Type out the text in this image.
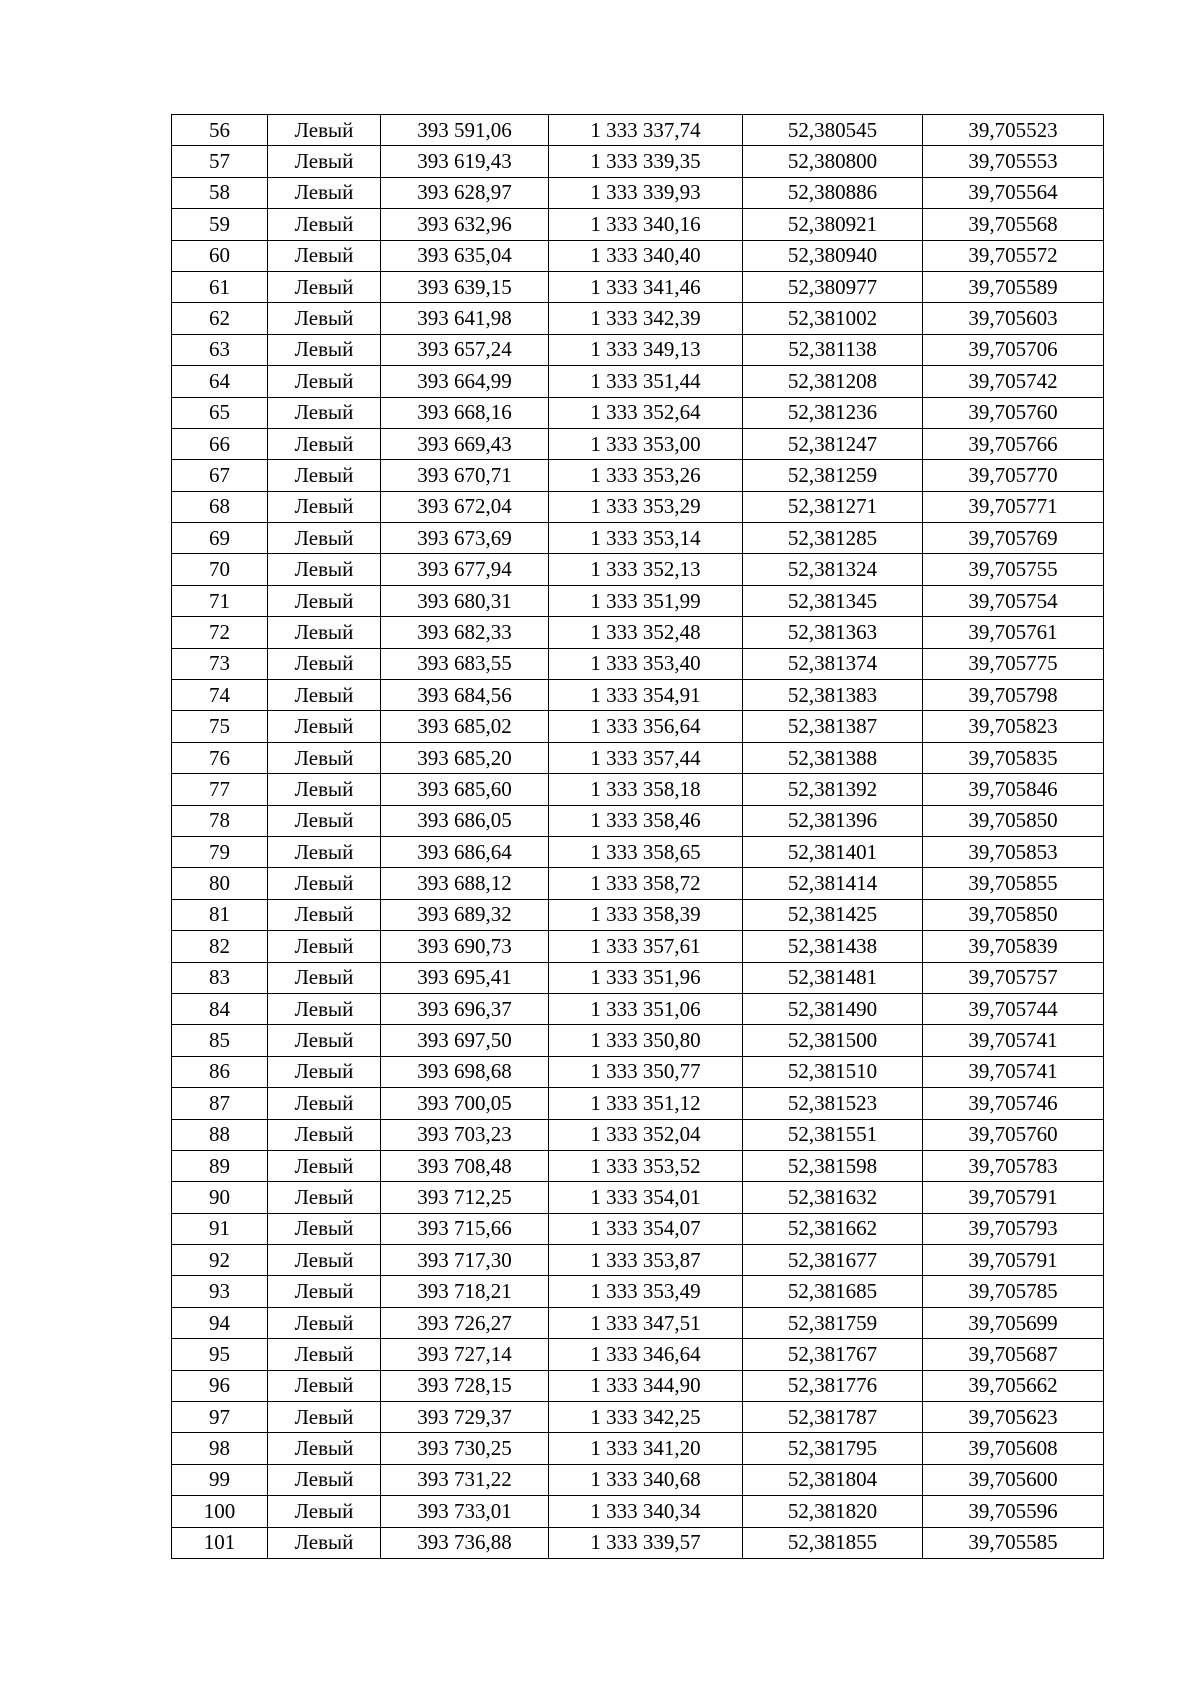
56	Левый	393 591,06	1 333 337,74	52,380545	39,705523
57	Левый	393 619,43	1 333 339,35	52,380800	39,705553
58	Левый	393 628,97	1 333 339,93	52,380886	39,705564
59	Левый	393 632,96	1 333 340,16	52,380921	39,705568
60	Левый	393 635,04	1 333 340,40	52,380940	39,705572
61	Левый	393 639,15	1 333 341,46	52,380977	39,705589
62	Левый	393 641,98	1 333 342,39	52,381002	39,705603
63	Левый	393 657,24	1 333 349,13	52,381138	39,705706
64	Левый	393 664,99	1 333 351,44	52,381208	39,705742
65	Левый	393 668,16	1 333 352,64	52,381236	39,705760
66	Левый	393 669,43	1 333 353,00	52,381247	39,705766
67	Левый	393 670,71	1 333 353,26	52,381259	39,705770
68	Левый	393 672,04	1 333 353,29	52,381271	39,705771
69	Левый	393 673,69	1 333 353,14	52,381285	39,705769
70	Левый	393 677,94	1 333 352,13	52,381324	39,705755
71	Левый	393 680,31	1 333 351,99	52,381345	39,705754
72	Левый	393 682,33	1 333 352,48	52,381363	39,705761
73	Левый	393 683,55	1 333 353,40	52,381374	39,705775
74	Левый	393 684,56	1 333 354,91	52,381383	39,705798
75	Левый	393 685,02	1 333 356,64	52,381387	39,705823
76	Левый	393 685,20	1 333 357,44	52,381388	39,705835
77	Левый	393 685,60	1 333 358,18	52,381392	39,705846
78	Левый	393 686,05	1 333 358,46	52,381396	39,705850
79	Левый	393 686,64	1 333 358,65	52,381401	39,705853
80	Левый	393 688,12	1 333 358,72	52,381414	39,705855
81	Левый	393 689,32	1 333 358,39	52,381425	39,705850
82	Левый	393 690,73	1 333 357,61	52,381438	39,705839
83	Левый	393 695,41	1 333 351,96	52,381481	39,705757
84	Левый	393 696,37	1 333 351,06	52,381490	39,705744
85	Левый	393 697,50	1 333 350,80	52,381500	39,705741
86	Левый	393 698,68	1 333 350,77	52,381510	39,705741
87	Левый	393 700,05	1 333 351,12	52,381523	39,705746
88	Левый	393 703,23	1 333 352,04	52,381551	39,705760
89	Левый	393 708,48	1 333 353,52	52,381598	39,705783
90	Левый	393 712,25	1 333 354,01	52,381632	39,705791
91	Левый	393 715,66	1 333 354,07	52,381662	39,705793
92	Левый	393 717,30	1 333 353,87	52,381677	39,705791
93	Левый	393 718,21	1 333 353,49	52,381685	39,705785
94	Левый	393 726,27	1 333 347,51	52,381759	39,705699
95	Левый	393 727,14	1 333 346,64	52,381767	39,705687
96	Левый	393 728,15	1 333 344,90	52,381776	39,705662
97	Левый	393 729,37	1 333 342,25	52,381787	39,705623
98	Левый	393 730,25	1 333 341,20	52,381795	39,705608
99	Левый	393 731,22	1 333 340,68	52,381804	39,705600
100	Левый	393 733,01	1 333 340,34	52,381820	39,705596
101	Левый	393 736,88	1 333 339,57	52,381855	39,705585
